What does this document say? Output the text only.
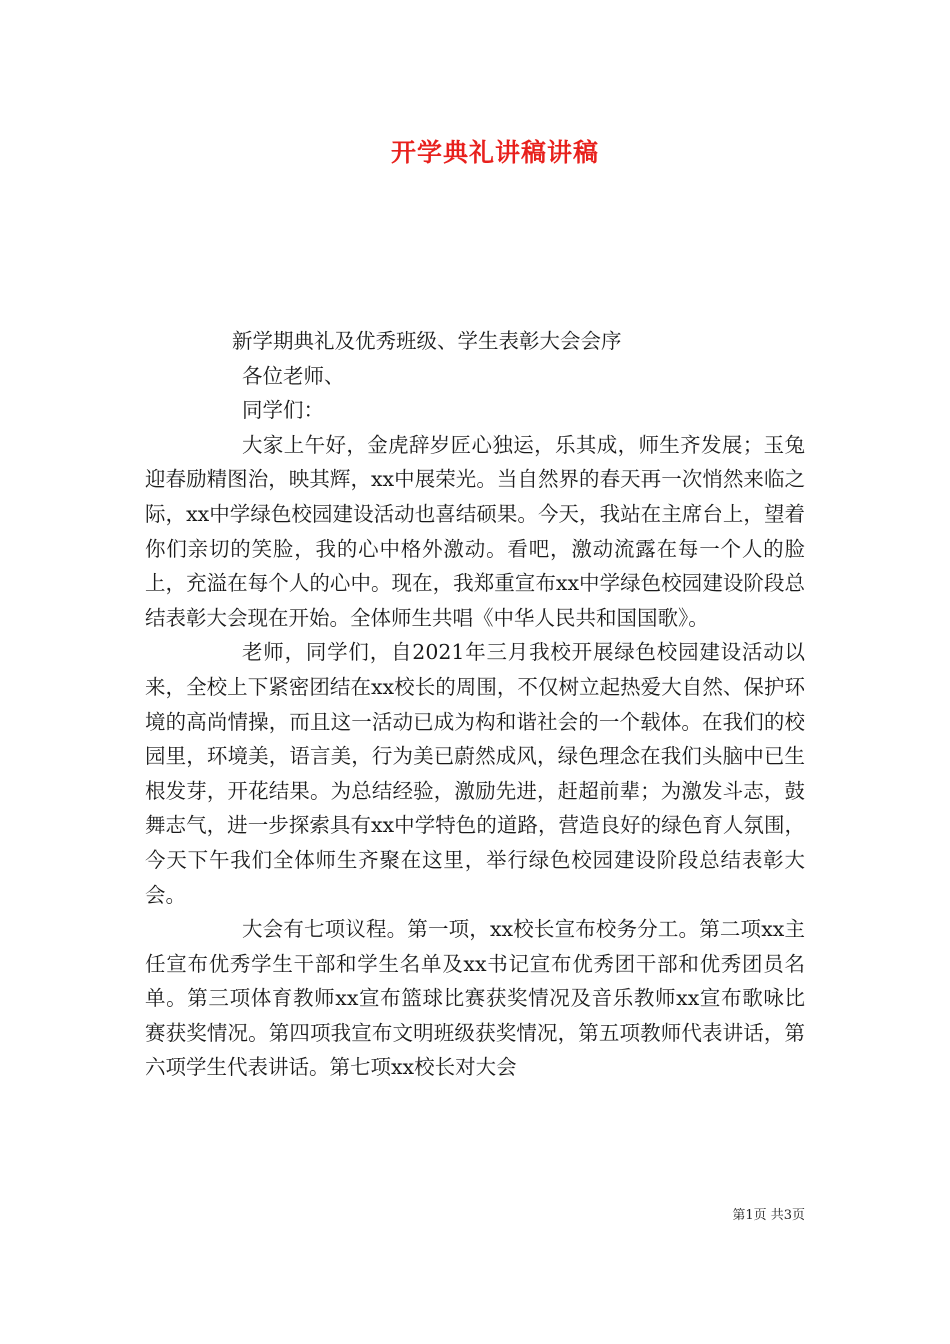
开学典礼讲稿讲稿
新学期典礼及优秀班级、学生表彰大会会序
各位老师、
同学们：

大家上午好，金虎辞岁匠心独运，乐其成，师生齐发展；玉兔迎春励精图治，映其辉，xx中展荣光。当自然界的春天再一次悄然来临之际，xx中学绿色校园建设活动也喜结硕果。今天，我站在主席台上，望着你们亲切的笑脸，我的心中格外激动。看吧，激动流露在每一个人的脸上，充溢在每个人的心中。现在，我郑重宣布xx中学绿色校园建设阶段总结表彰大会现在开始。全体师生共唱《中华人民共和国国歌》。

老师，同学们，自2021年三月我校开展绿色校园建设活动以来，全校上下紧密团结在xx校长的周围，不仅树立起热爱大自然、保护环境的高尚情操，而且这一活动已成为构和谐社会的一个载体。在我们的校园里，环境美，语言美，行为美已蔚然成风，绿色理念在我们头脑中已生根发芽，开花结果。为总结经验，激励先进，赶超前辈；为激发斗志，鼓舞志气，进一步探索具有xx中学特色的道路，营造良好的绿色育人氛围，今天下午我们全体师生齐聚在这里，举行绿色校园建设阶段总结表彰大会。

大会有七项议程。第一项，xx校长宣布校务分工。第二项xx主任宣布优秀学生干部和学生名单及xx书记宣布优秀团干部和优秀团员名单。第三项体育教师xx宣布篮球比赛获奖情况及音乐教师xx宣布歌咏比赛获奖情况。第四项我宣布文明班级获奖情况，第五项教师代表讲话，第六项学生代表讲话。第七项xx校长对大会

第1页 共3页
